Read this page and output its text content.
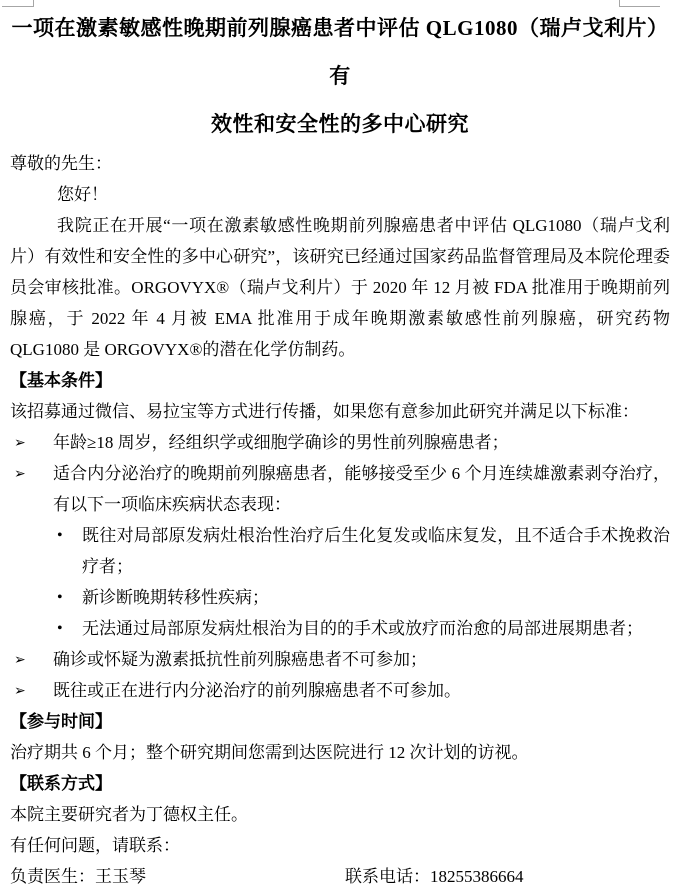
一项在激素敏感性晚期前列腺癌患者中评估 QLG1080（瑞卢戈利片）有
效性和安全性的多中心研究

尊敬的先生：

您好！

我院正在开展“一项在激素敏感性晚期前列腺癌患者中评估 QLG1080（瑞卢戈利片）有效性和安全性的多中心研究”，该研究已经通过国家药品监督管理局及本院伦理委员会审核批准。ORGOVYX®（瑞卢戈利片）于 2020 年 12 月被 FDA 批准用于晚期前列腺癌，于 2022 年 4 月被 EMA 批准用于成年晚期激素敏感性前列腺癌，研究药物 QLG1080 是 ORGOVYX®的潜在化学仿制药。

【基本条件】

该招募通过微信、易拉宝等方式进行传播，如果您有意参加此研究并满足以下标准：

➢ 年龄≥18 周岁，经组织学或细胞学确诊的男性前列腺癌患者；
➢ 适合内分泌治疗的晚期前列腺癌患者，能够接受至少 6 个月连续雄激素剥夺治疗，有以下一项临床疾病状态表现：
• 既往对局部原发病灶根治性治疗后生化复发或临床复发，且不适合手术挽救治疗者；
• 新诊断晚期转移性疾病；
• 无法通过局部原发病灶根治为目的的手术或放疗而治愈的局部进展期患者；
➢ 确诊或怀疑为激素抵抗性前列腺癌患者不可参加；
➢ 既往或正在进行内分泌治疗的前列腺癌患者不可参加。

【参与时间】

治疗期共 6 个月；整个研究期间您需到达医院进行 12 次计划的访视。

【联系方式】

本院主要研究者为丁德权主任。

有任何问题，请联系：

负责医生：王玉琴	联系电话：18255386664
